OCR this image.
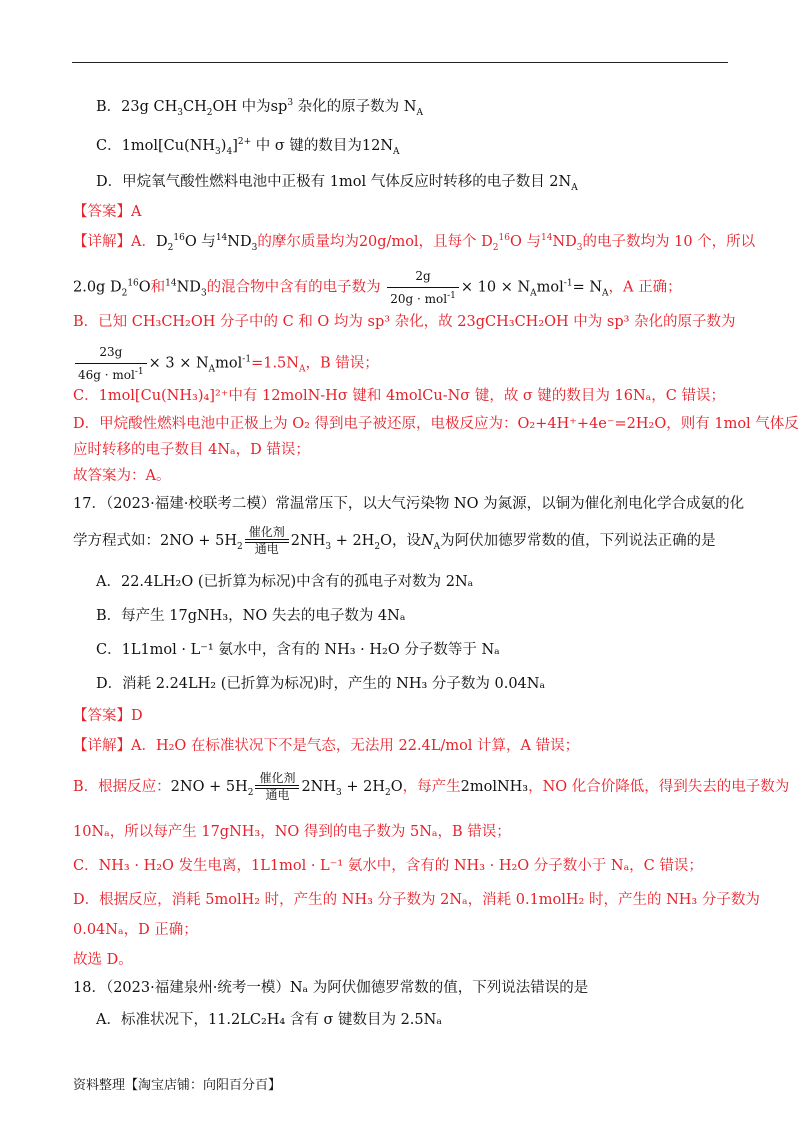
B．23g $CH_3CH_2OH$ 中为$sp^3$ 杂化的原子数为 $N_A$
C．$1mol[Cu(NH_3)_4]^{2+}$ 中 σ 键的数目为$12N_A$
D．甲烷氧气酸性燃料电池中正极有 1mol 气体反应时转移的电子数目 $2N_A$
【答案】A
【详解】A．$D_2^{16}O$ 与$^{14}ND_3$的摩尔质量均为20g/mol，且每个 $D_2^{16}O$ 与$^{14}ND_3$的电子数均为 10 个，所以
2.0g $D_2^{16}O$和$^{14}ND_3$的混合物中含有的电子数为 $\frac{2g}{20g \cdot mol^{-1}} \times 10 \times N_Amol^{-1}= N_A$，A 正确；
B．已知 CH₃CH₂OH 分子中的 C 和 O 均为 sp³ 杂化，故 23gCH₃CH₂OH 中为 sp³ 杂化的原子数为
$\frac{23g}{46g \cdot mol^{-1}} \times 3 \times N_Amol^{-1}=1.5N_A$，B 错误；
C．1mol[Cu(NH₃)₄]²⁺中有 12molN-Hσ 键和 4molCu-Nσ 键，故 σ 键的数目为 16Nₐ，C 错误；
D．甲烷酸性燃料电池中正极上为 O₂ 得到电子被还原，电极反应为：O₂+4H⁺+4e⁻=2H₂O，则有 1mol 气体反
应时转移的电子数目 4Nₐ，D 错误；
故答案为：A。
17．（2023·福建·校联考二模）常温常压下，以大气污染物 NO 为氮源，以铜为催化剂电化学合成氨的化
学方程式如：$2NO + 5H_2$
催化剂
通电 $2NH_3 + 2H_2O$，设$N_A$为阿伏加德罗常数的值，下列说法正确的是
A．22.4LH₂O (已折算为标况)中含有的孤电子对数为 2Nₐ
B．每产生 17gNH₃，NO 失去的电子数为 4Nₐ
C．1L1mol · L⁻¹ 氨水中，含有的 NH₃ · H₂O 分子数等于 Nₐ
D．消耗 2.24LH₂ (已折算为标况)时，产生的 NH₃ 分子数为 0.04Nₐ
【答案】D
【详解】A．H₂O 在标准状况下不是气态，无法用 22.4L/mol 计算，A 错误；
B．根据反应：$2NO + 5H_2$
催化剂
通电 $2NH_3 + 2H_2O$，每产生2molNH₃，NO 化合价降低，得到失去的电子数为
10Nₐ，所以每产生 17gNH₃，NO 得到的电子数为 5Nₐ，B 错误；
C．NH₃ · H₂O 发生电离，1L1mol · L⁻¹ 氨水中，含有的 NH₃ · H₂O 分子数小于 Nₐ，C 错误；
D．根据反应，消耗 5molH₂ 时，产生的 NH₃ 分子数为 2Nₐ，消耗 0.1molH₂ 时，产生的 NH₃ 分子数为
0.04Nₐ，D 正确；
故选 D。
18．（2023·福建泉州·统考一模）Nₐ 为阿伏伽德罗常数的值，下列说法错误的是
A．标准状况下，11.2LC₂H₄ 含有 σ 键数目为 2.5Nₐ
资料整理【淘宝店铺：向阳百分百】
